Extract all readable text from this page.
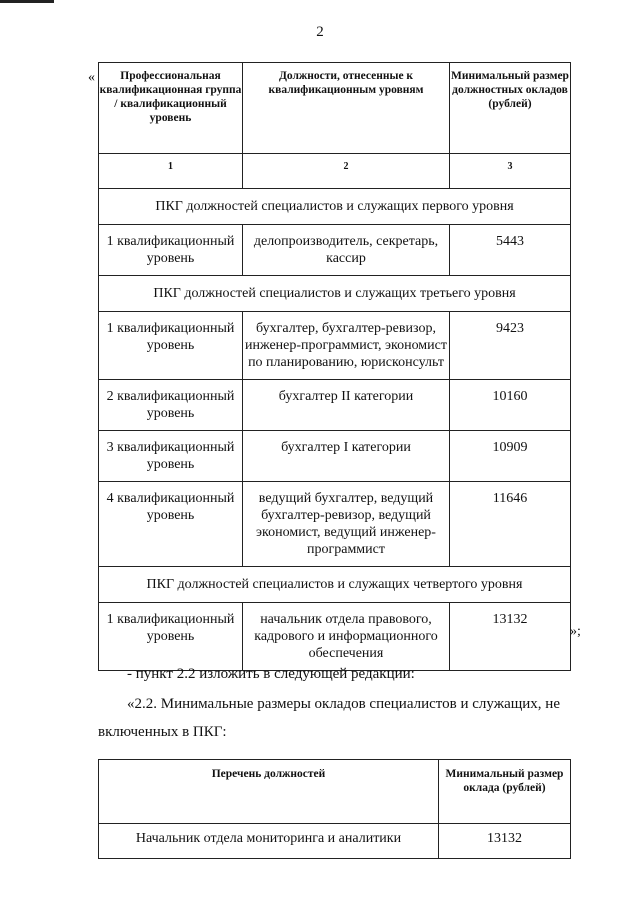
2
« Профессиональная квалификационная группа / квалификационный уровень	Должности, отнесенные к квалификационным уровням	Минимальный размер должностных окладов (рублей)
1	2	3
ПКГ должностей специалистов и служащих первого уровня		
1 квалификационный уровень	делопроизводитель, секретарь, кассир	5443
ПКГ должностей специалистов и служащих третьего уровня		
1 квалификационный уровень	бухгалтер, бухгалтер-ревизор, инженер-программист, экономист по планированию, юрисконсульт	9423
2 квалификационный уровень	бухгалтер II категории	10160
3 квалификационный уровень	бухгалтер I категории	10909
4 квалификационный уровень	ведущий бухгалтер, ведущий бухгалтер-ревизор, ведущий экономист, ведущий инженер-программист	11646
ПКГ должностей специалистов и служащих четвертого уровня		
1 квалификационный уровень	начальник отдела правового, кадрового и информационного обеспечения	13132
»;
- пункт 2.2 изложить в следующей редакции:
«2.2. Минимальные размеры окладов специалистов и служащих, не
включенных в ПКГ:
Перечень должностей	Минимальный размер оклада (рублей)
Начальник отдела мониторинга и аналитики	13132
